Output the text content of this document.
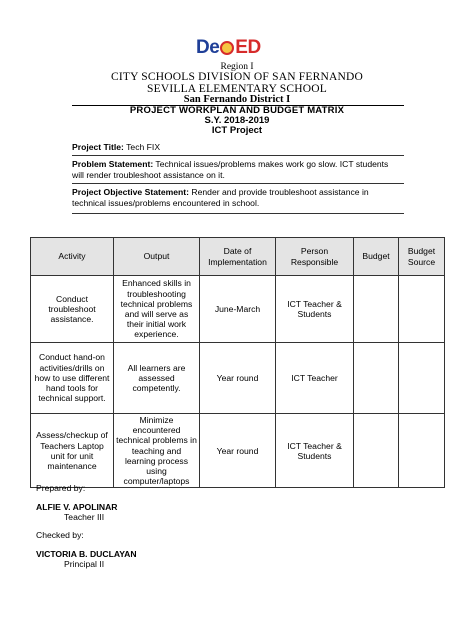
De ED
Region I
CITY SCHOOLS DIVISION OF SAN FERNANDO
SEVILLA ELEMENTARY SCHOOL
San Fernando District I
PROJECT WORKPLAN AND BUDGET MATRIX
S.Y. 2018-2019
ICT Project
Project Title: Tech FIX
Problem Statement: Technical issues/problems makes work go slow. ICT students
will render troubleshoot assistance on it.
Project Objective Statement: Render and provide troubleshoot assistance in
technical issues/problems encountered in school.
Activity	Output	Date of Implementation	Person Responsible	Budget	Budget Source
Conduct troubleshoot assistance.	Enhanced skills in troubleshooting technical problems and will serve as their initial work experience.	June-March	ICT Teacher & Students		
Conduct hand-on activities/drills on how to use different hand tools for technical support.	All learners are assessed competently.	Year round	ICT Teacher		
Assess/checkup of Teachers Laptop unit for unit maintenance	Minimize encountered technical problems in teaching and learning process using computer/laptops	Year round	ICT Teacher & Students		
Prepared by:
ALFIE V. APOLINAR
Teacher III
Checked by:
VICTORIA B. DUCLAYAN
Principal II
